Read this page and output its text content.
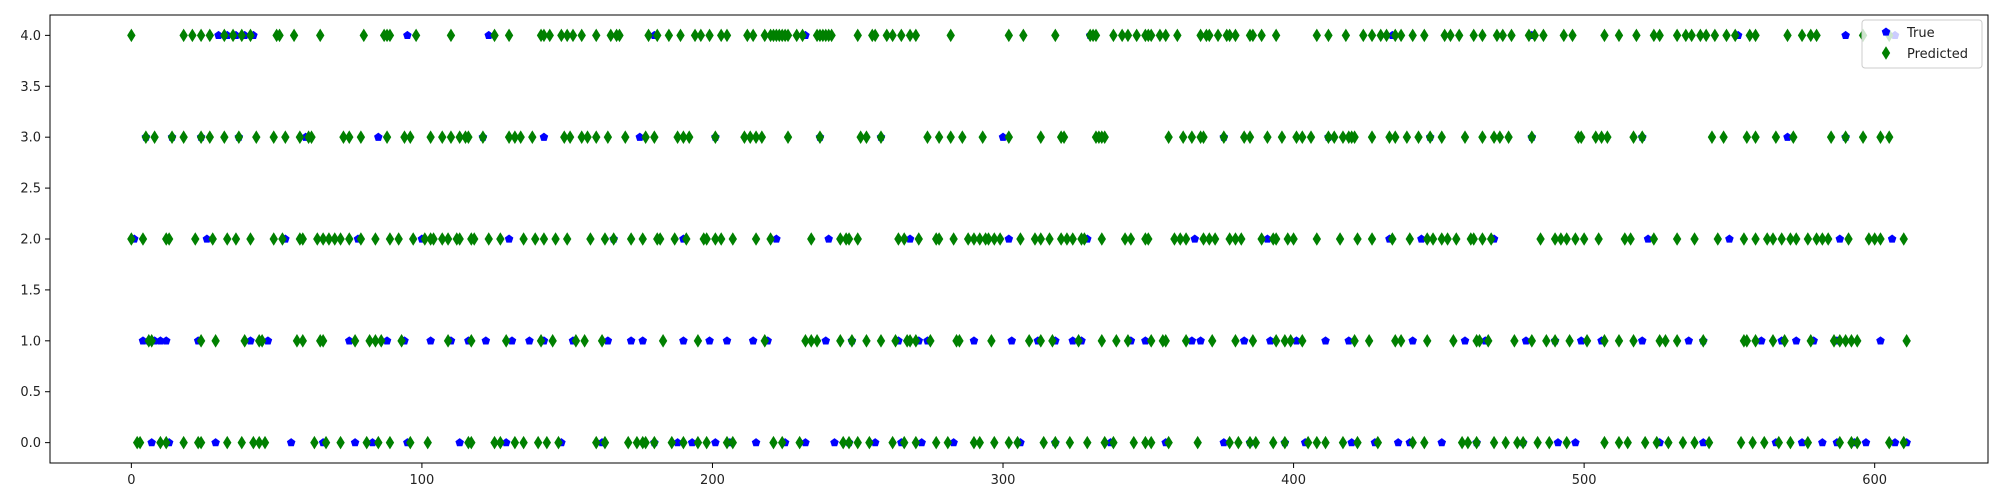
0.0
0.5
1.0
1.5
2.0
2.5
3.0
3.5
4.0
0	100	200	300	400	500	600
True
Predicted
